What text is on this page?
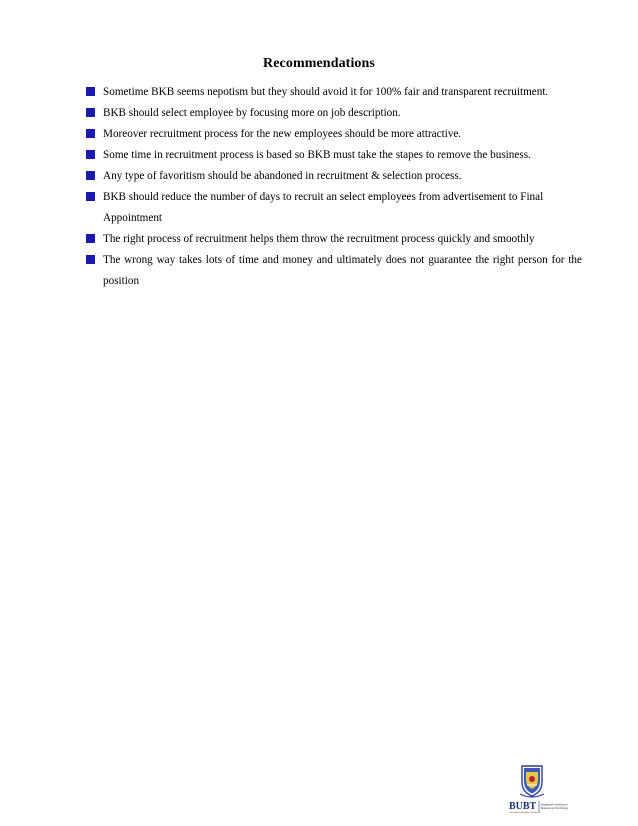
Recommendations
Sometime BKB seems nepotism but they should avoid it for 100% fair and transparent recruitment.
BKB should select employee by focusing more on job description.
Moreover recruitment process for the new employees should be more attractive.
Some time in recruitment process is based so BKB must take the stapes to remove the business.
Any type of favoritism should be abandoned in recruitment & selection process.
BKB should reduce the number of days to recruit an select employees from advertisement to Final Appointment
The right process of recruitment helps them throw the recruitment process quickly and smoothly
The wrong way takes lots of time and money and ultimately does not guarantee the right person for the position
BUBT Bangladesh University of
Business and Technology
Committed to Academic Excellence
